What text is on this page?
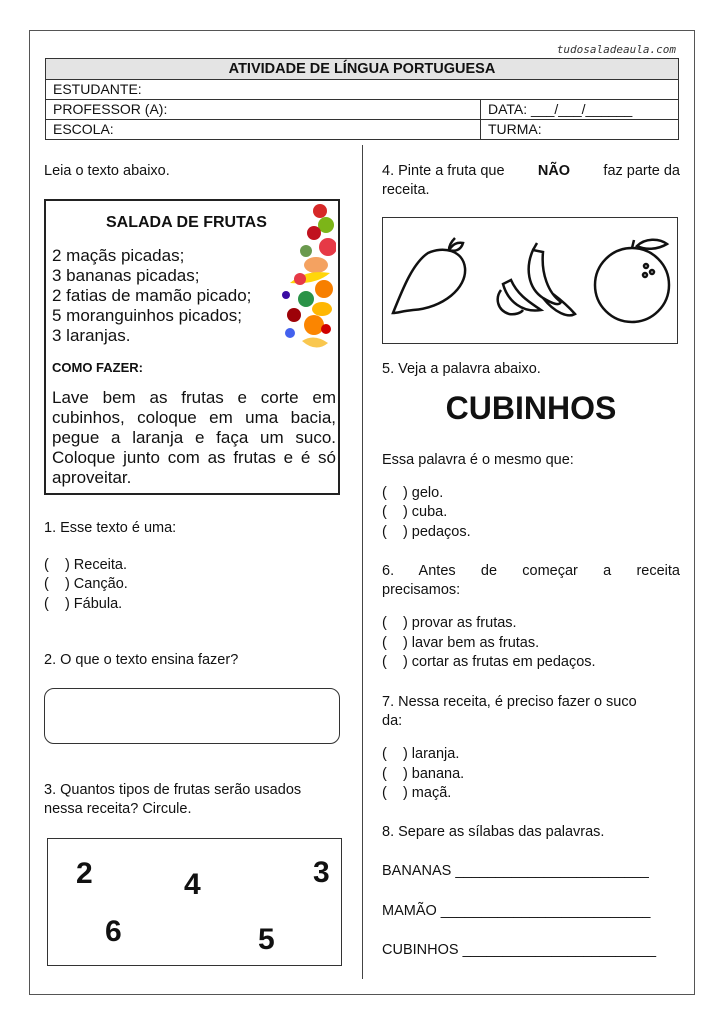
tudosaladeaula.com
ATIVIDADE DE LÍNGUA PORTUGUESA
ESTUDANTE:
PROFESSOR (A):	DATA: ___/___/______
ESCOLA:	TURMA:
Leia o texto abaixo.
SALADA DE FRUTAS
2 maçãs picadas;
3 bananas picadas;
2 fatias de mamão picado;
5 moranguinhos picados;
3 laranjas.
COMO FAZER:
Lave bem as frutas e corte em cubinhos, coloque em uma bacia, pegue a laranja e faça um suco. Coloque junto com as frutas e é só aproveitar.
1. Esse texto é uma:
(    ) Receita.
(    ) Canção.
(    ) Fábula.
2. O que o texto ensina fazer?
3. Quantos tipos de frutas serão usados
nessa receita? Circule.
2	4	3
6	5
4. Pinte a fruta que NÃO faz parte da
receita.
5. Veja a palavra abaixo.
CUBINHOS
Essa palavra é o mesmo que:
(    ) gelo.
(    ) cuba.
(    ) pedaços.
6. Antes de começar a receita
precisamos:
(    ) provar as frutas.
(    ) lavar bem as frutas.
(    ) cortar as frutas em pedaços.
7. Nessa receita, é preciso fazer o suco
da:
(    ) laranja.
(    ) banana.
(    ) maçã.
8. Separe as sílabas das palavras.
BANANAS ________________________
MAMÃO __________________________
CUBINHOS ________________________
